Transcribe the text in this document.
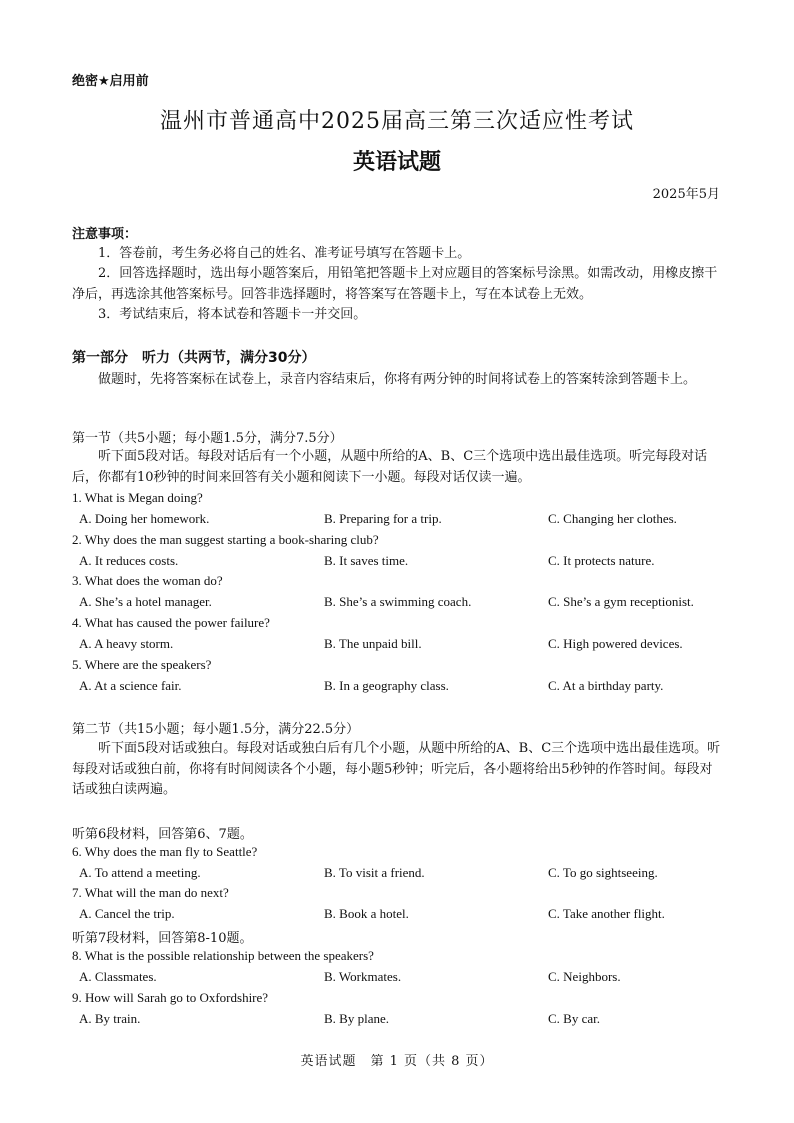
绝密★启用前
温州市普通高中2025届高三第三次适应性考试
英语试题
2025年5月
注意事项：
1．答卷前，考生务必将自己的姓名、准考证号填写在答题卡上。
2．回答选择题时，选出每小题答案后，用铅笔把答题卡上对应题目的答案标号涂黑。如需改动，用橡皮擦干净后，再选涂其他答案标号。回答非选择题时，将答案写在答题卡上，写在本试卷上无效。
3．考试结束后，将本试卷和答题卡一并交回。
第一部分　听力（共两节，满分30分）
做题时，先将答案标在试卷上，录音内容结束后，你将有两分钟的时间将试卷上的答案转涂到答题卡上。
第一节（共5小题；每小题1.5分，满分7.5分）
听下面5段对话。每段对话后有一个小题，从题中所给的A、B、C三个选项中选出最佳选项。听完每段对话后，你都有10秒钟的时间来回答有关小题和阅读下一小题。每段对话仅读一遍。
1. What is Megan doing?
A. Doing her homework.	B. Preparing for a trip.	C. Changing her clothes.
2. Why does the man suggest starting a book-sharing club?
A. It reduces costs.	B. It saves time.	C. It protects nature.
3. What does the woman do?
A. She’s a hotel manager.	B. She’s a swimming coach.	C. She’s a gym receptionist.
4. What has caused the power failure?
A. A heavy storm.	B. The unpaid bill.	C. High powered devices.
5. Where are the speakers?
A. At a science fair.	B. In a geography class.	C. At a birthday party.
第二节（共15小题；每小题1.5分，满分22.5分）
听下面5段对话或独白。每段对话或独白后有几个小题，从题中所给的A、B、C三个选项中选出最佳选项。听每段对话或独白前，你将有时间阅读各个小题，每小题5秒钟；听完后，各小题将给出5秒钟的作答时间。每段对话或独白读两遍。
听第6段材料，回答第6、7题。
6. Why does the man fly to Seattle?
A. To attend a meeting.	B. To visit a friend.	C. To go sightseeing.
7. What will the man do next?
A. Cancel the trip.	B. Book a hotel.	C. Take another flight.
听第7段材料，回答第8-10题。
8. What is the possible relationship between the speakers?
A. Classmates.	B. Workmates.	C. Neighbors.
9. How will Sarah go to Oxfordshire?
A. By train.	B. By plane.	C. By car.
英语试题　第 1 页（共 8 页）
